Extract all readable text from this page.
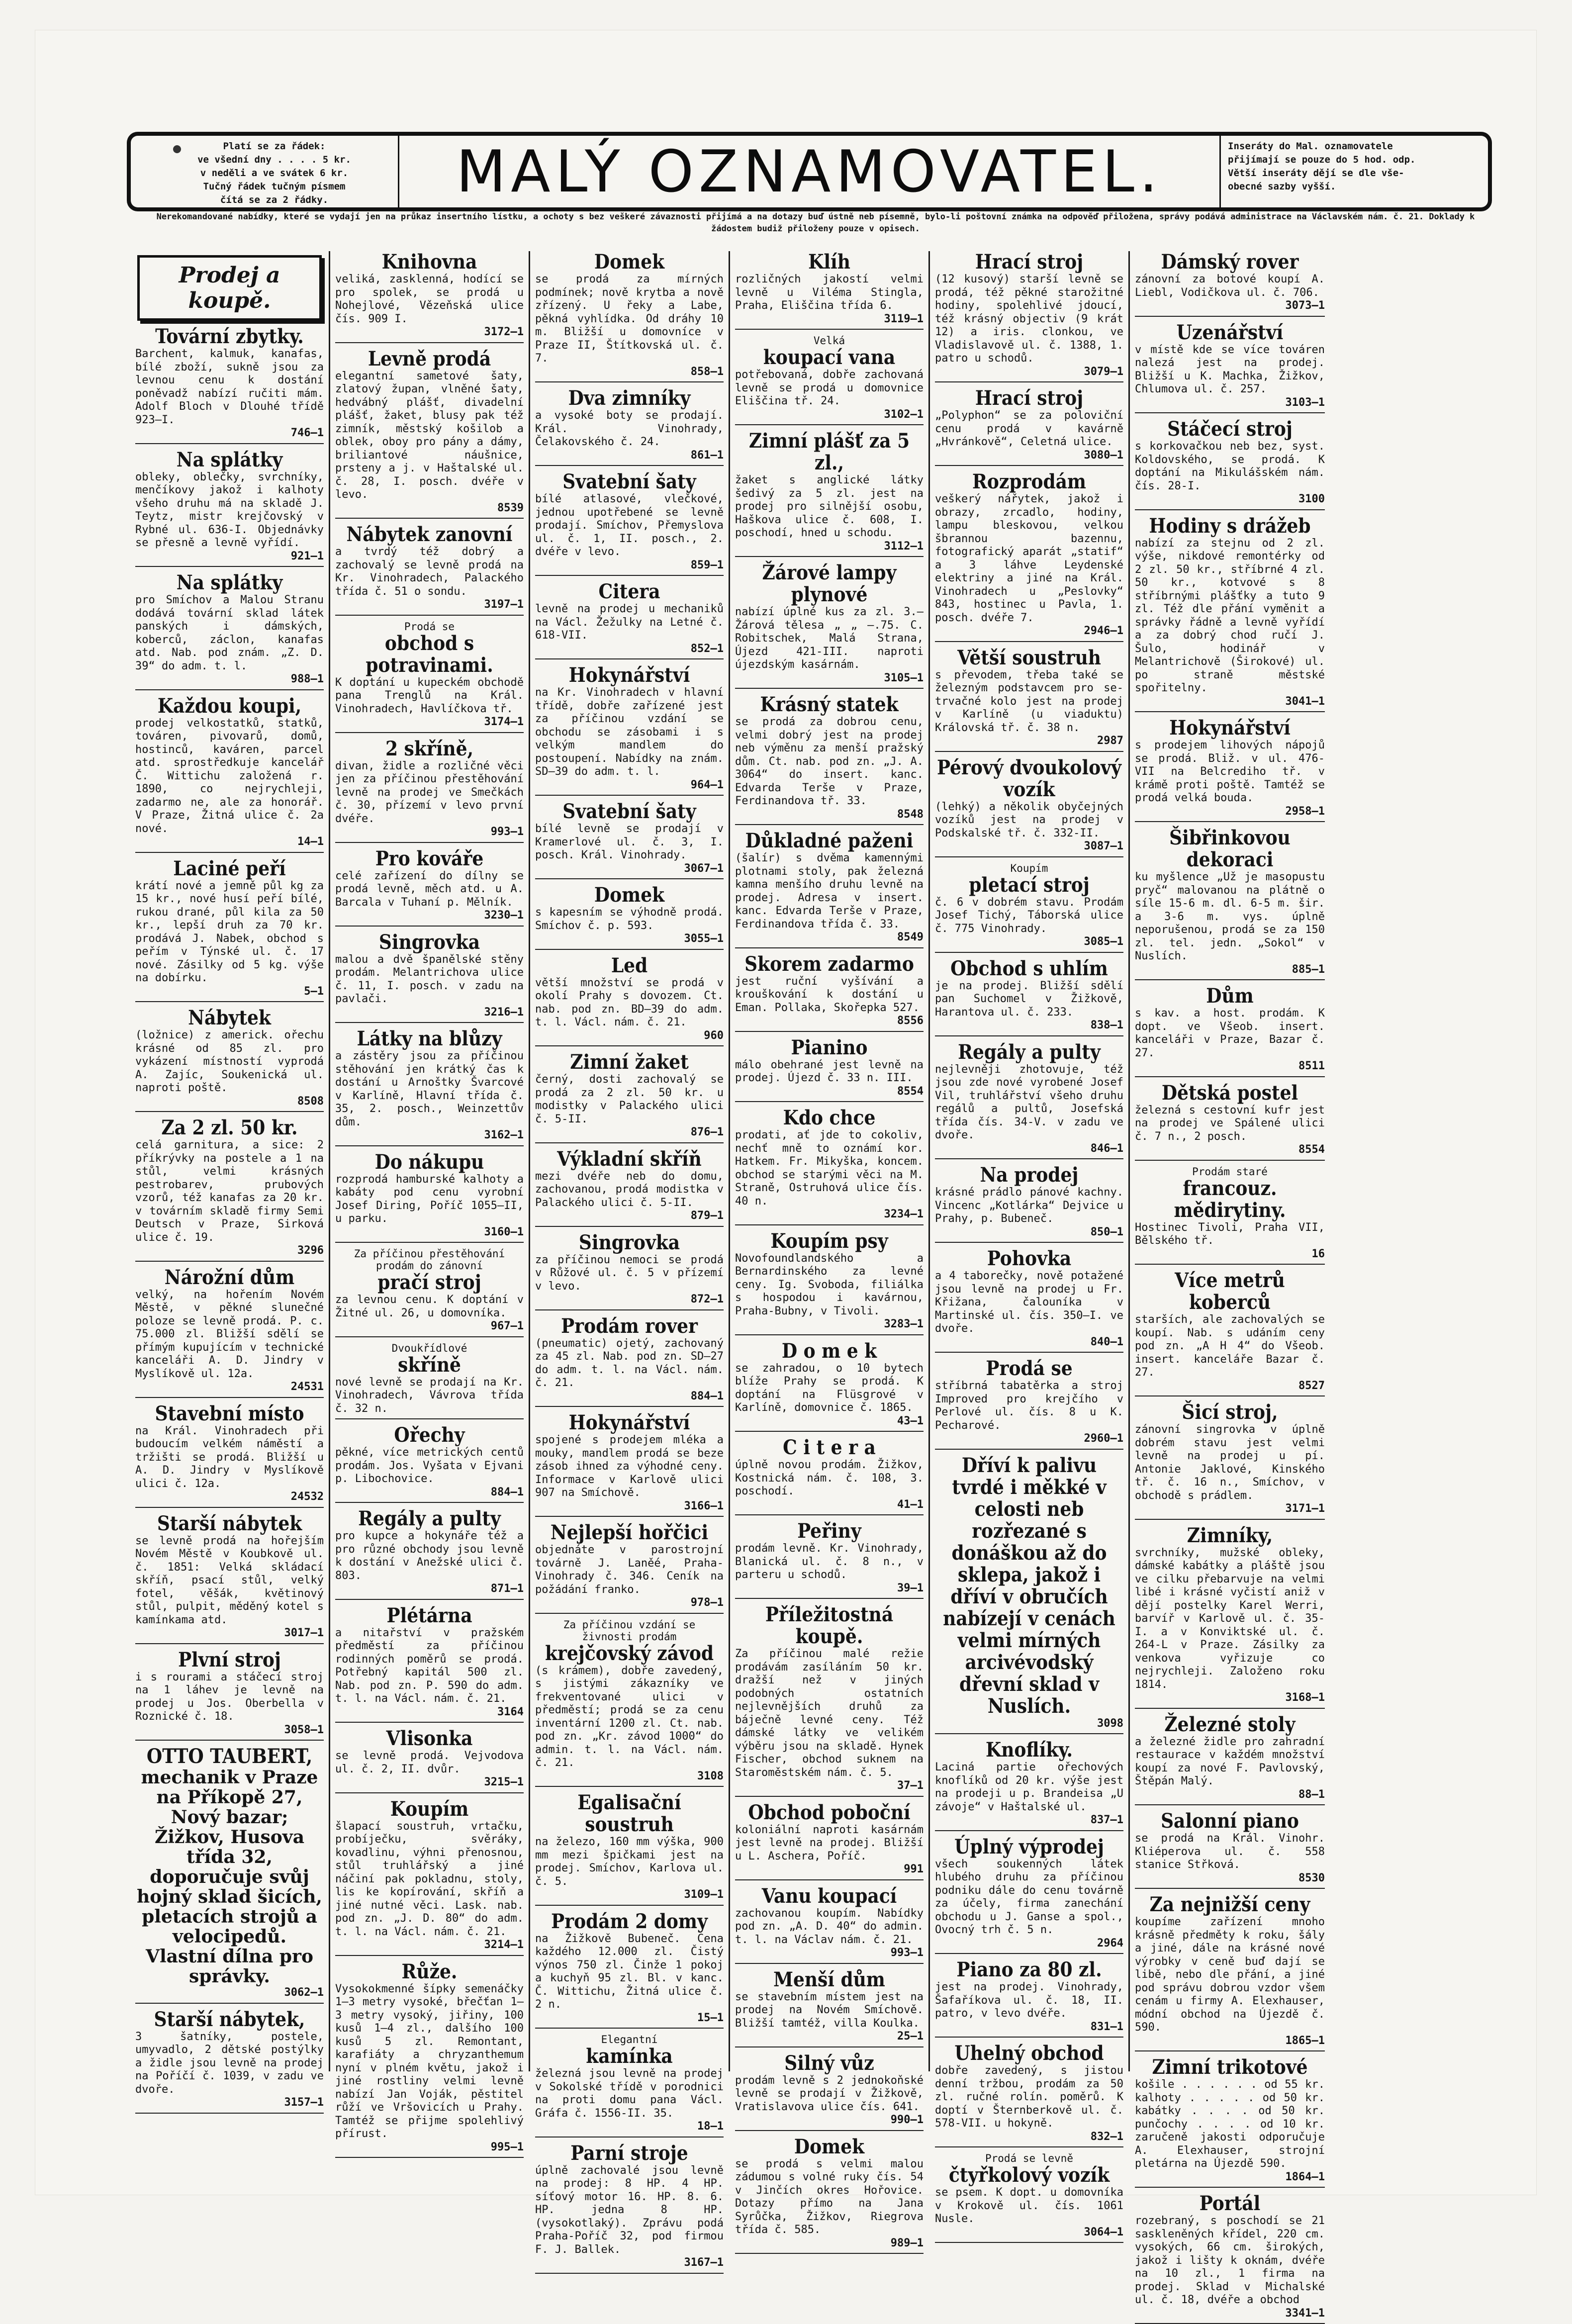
Platí se za řádek:
ve všední dny . . . . 5 kr.
v neděli a ve svátek 6 kr.
Tučný řádek tučným písmem
čítá se za 2 řádky.	MALÝ OZNAMOVATEL.	Inseráty do Mal. oznamovatele
přijímají se pouze do 5 hod. odp.
Větší inseráty dějí se dle vše-
obecné sazby vyšší.
Nerekomandované nabídky, které se vydají jen na průkaz insertního lístku, a ochoty s bez veškeré závaznosti přijímá a na dotazy buď ústně neb písemně, bylo-li poštovní známka na odpověď přiložena, správy podává administrace na Václavském nám. č. 21. Doklady k žádostem budiž přiloženy pouze v opisech.
Prodej a koupě.
Tovární zbytky.
Barchent, kalmuk, kanafas, bílé zboží, sukně jsou za levnou cenu k dostání poněvadž nabízí ručiti mám. Adolf Bloch v Dlouhé třídě 923—I.
746—1
Na splátky
obleky, oblečky, svrchníky, menčíkovy jakož i kalhoty všeho druhu má na skladě J. Teytz, mistr krejčovský v Rybné ul. 636-I. Objednávky se přesně a levně vyřídí.
921—1
Na splátky
pro Smíchov a Malou Stranu dodává tovární sklad látek panských i dámských, koberců, záclon, kanafas atd. Nab. pod znám. „Z. D. 39“ do adm. t. l.
988—1
Každou koupi,
prodej velkostatků, statků, továren, pivovarů, domů, hostinců, kaváren, parcel atd. sprostředkuje kancelář Č. Wittichu založená r. 1890, co nejrychleji, zadarmo ne, ale za honorář. V Praze, Žitná ulice č. 2a nové.
14—1
Laciné peří
krátí nové a jemně půl kg za 15 kr., nové husí peří bílé, rukou drané, půl kila za 50 kr., lepší druh za 70 kr. prodává J. Nabek, obchod s peřím v Týnské ul. č. 17 nové. Zásilky od 5 kg. výše na dobírku.
5—1
Nábytek
(ložnice) z americk. ořechu krásné od 85 zl. pro vykázení místností vyprodá A. Zajíc, Soukenická ul. naproti poště.
8508
Za 2 zl. 50 kr.
celá garnitura, a sice: 2 příkrývky na postele a 1 na stůl, velmi krásných pestrobarev, prubových vzorů, též kanafas za 20 kr. v továrním skladě firmy Semi Deutsch v Praze, Sirková ulice č. 19.
3296
Nárožní dům
velký, na hořením Novém Městě, v pěkné slunečné poloze se levně prodá. P. c. 75.000 zl. Bližší sdělí se přímým kupujícím v technické kanceláři A. D. Jindry v Myslíkově ul. 12a.
24531
Stavební místo
na Král. Vinohradech při budoucím velkém náměstí a tržišti se prodá. Bližší u A. D. Jindry v Myslíkově ulici č. 12a.
24532
Starší nábytek
se levně prodá na hořejším Novém Městě v Koubkově ul. č. 1851: Velká skládací skříň, psací stůl, velký fotel, věšák, květinový stůl, pulpit, měděný kotel s kamínkama atd.
3017—1
Plvní stroj
i s rourami a stáčecí stroj na 1 láhev je levně na prodej u Jos. Oberbella v Roznické č. 18.
3058—1
OTTO TAUBERT,
mechanik v Praze na Příkopě 27, Nový bazar; Žižkov, Husova třída 32, doporučuje svůj hojný sklad šicích, pletacích strojů a velocipedů. Vlastní dílna pro správky.
3062—1
Starší nábytek,
3 šatníky, postele, umyvadlo, 2 dětské postýlky a židle jsou levně na prodej na Poříčí č. 1039, v zadu ve dvoře.
3157—1
Knihovna
veliká, zasklenná, hodící se pro spolek, se prodá u Nohejlové, Vězeňská ulice čís. 909 I.
3172—1
Levně prodá
elegantní sametové šaty, zlatový župan, vlněné šaty, hedvábný plášť, divadelní plášť, žaket, blusy pak též zimník, městský košilob a oblek, oboy pro pány a dámy, briliantové náušnice, prsteny a j. v Haštalské ul. č. 28, I. posch. dvéře v levo.
8539
Nábytek zanovní
a tvrdý též dobrý a zachovalý se levně prodá na Kr. Vinohradech, Palackého třída č. 51 o sondu.
3197—1
Prodá se
obchod s potravinami.
K doptání u kupeckém obchodě pana Trenglů na Král. Vinohradech, Havlíčkova tř.
3174—1
2 skříně,
divan, židle a rozličné věci jen za příčinou přestěhování levně na prodej ve Smečkách č. 30, přízemí v levo první dvéře.
993—1
Pro kováře
celé zařízení do dílny se prodá levně, měch atd. u A. Barcala v Tuhaní p. Mělník.
3230—1
Singrovka
malou a dvě španělské stěny prodám. Melantrichova ulice č. 11, I. posch. v zadu na pavlači.
3216—1
Látky na blůzy
a zástěry jsou za příčinou stěhování jen krátký čas k dostání u Arnoštky Švarcové v Karlíně, Hlavní třída č. 35, 2. posch., Weinzettův dům.
3162—1
Do nákupu
rozprodá hamburské kalhoty a kabáty pod cenu vyrobní Josef Diring, Poříč 1055—II, u parku.
3160—1
Za příčinou přestěhování prodám do zánovní
pračí stroj
za levnou cenu. K doptání v Žitné ul. 26, u domovníka.
967—1
Dvoukřídlové
skříně
nové levně se prodají na Kr. Vinohradech, Vávrova třída č. 32 n.
Ořechy
pěkné, více metrických centů prodám. Jos. Vyšata v Ejvani p. Libochovice.
884—1
Regály a pulty
pro kupce a hokynáře též a pro různé obchody jsou levně k dostání v Anežské ulici č. 803.
871—1
Plétárna
a nitařství v pražském předměstí za příčinou rodinných poměrů se prodá. Potřebný kapitál 500 zl. Nab. pod zn. P. 590 do adm. t. l. na Václ. nám. č. 21.
3164
Vlisonka
se levně prodá. Vejvodova ul. č. 2, II. dvůr.
3215—1
Koupím
šlapací soustruh, vrtačku, probíječku, svěráky, kovadlinu, výhni přenosnou, stůl truhlářský a jiné náčiní pak pokladnu, stoly, lis ke kopírování, skříň a jiné nutné věci. Lask. nab. pod zn. „J. D. 80“ do adm. t. l. na Václ. nám. č. 21.
3214—1
Růže.
Vysokokmenné šípky semenáčky 1—3 metry vysoké, břečťan 1—3 metry vysoký, jiřiny, 100 kusů 1—4 zl., dalšího 100 kusů 5 zl. Remontant, karafiáty a chryzanthemum nyní v plném květu, jakož i jiné rostliny velmi levně nabízí Jan Voják, pěstitel růží ve Vršovicích u Prahy. Tamtéž se přijme spolehlivý přírust.
995—1
Domek
se prodá za mírných podmínek; nově krytba a nově zřízený. U řeky a Labe, pěkná vyhlídka. Od dráhy 10 m. Bližší u domovníce v Praze II, Štítkovská ul. č. 7.
858—1
Dva zimníky
a vysoké boty se prodají. Král. Vinohrady, Čelakovského č. 24.
861—1
Svatební šaty
bílé atlasové, vlečkové, jednou upotřebené se levně prodají. Smíchov, Přemyslova ul. č. 1, II. posch., 2. dvéře v levo.
859—1
Citera
levně na prodej u mechaniků na Václ. Žežulky na Letné č. 618-VII.
852—1
Hokynářství
na Kr. Vinohradech v hlavní třídě, dobře zařízené jest za příčinou vzdání se obchodu se zásobami i s velkým mandlem do postoupení. Nabídky na znám. SD—39 do adm. t. l.
964—1
Svatební šaty
bílé levně se prodají v Kramerlové ul. č. 3, I. posch. Král. Vinohrady.
3067—1
Domek
s kapesním se výhodně prodá. Smíchov č. p. 593.
3055—1
Led
větší množství se prodá v okolí Prahy s dovozem. Ct. nab. pod zn. BD—39 do adm. t. l. Václ. nám. č. 21.
960
Zimní žaket
černý, dosti zachovalý se prodá za 2 zl. 50 kr. u modistky v Palackého ulici č. 5-II.
876—1
Výkladní skříň
mezi dvéře neb do domu, zachovanou, prodá modistka v Palackého ulici č. 5-II.
879—1
Singrovka
za příčinou nemoci se prodá v Růžové ul. č. 5 v přízemí v levo.
872—1
Prodám rover
(pneumatic) ojetý, zachovaný za 45 zl. Nab. pod zn. SD—27 do adm. t. l. na Václ. nám. č. 21.
884—1
Hokynářství
spojené s prodejem mléka a mouky, mandlem prodá se beze zásob ihned za výhodné ceny. Informace v Karlově ulici 907 na Smíchově.
3166—1
Nejlepší hořčici
objednáte v parostrojní továrně J. Laněé, Praha-Vinohrady č. 346. Ceník na požádání franko.
978—1
Za příčinou vzdání se živnosti prodám
krejčovský závod
(s krámem), dobře zavedený, s jistými zákazníky ve frekventované ulici v předměstí; prodá se za cenu inventární 1200 zl. Ct. nab. pod zn. „Kr. závod 1000“ do admin. t. l. na Václ. nám. č. 21.
3108
Egalisační soustruh
na železo, 160 mm výška, 900 mm mezi špičkami jest na prodej. Smíchov, Karlova ul. č. 5.
3109—1
Prodám 2 domy
na Žižkově Bubeneč. Cena každého 12.000 zl. Čistý výnos 750 zl. Činže 1 pokoj a kuchyň 95 zl. Bl. v kanc. Č. Wittichu, Žitná ulice č. 2 n.
15—1
Elegantní
kamínka
železná jsou levně na prodej v Sokolské třídě v porodnici na proti domu pana Václ. Gráfa č. 1556-II. 35.
18—1
Parní stroje
úplně zachovalé jsou levně na prodej: 8 HP. 4 HP. síťový motor 16. HP. 8. 6. HP. jedna 8 HP. (vysokotlaký). Zprávu podá Praha-Poříč 32, pod firmou F. J. Ballek.
3167—1
Klíh
rozličných jakostí velmi levně u Viléma Stingla, Praha, Eliščina třída 6.
3119—1
Velká
koupací vana
potřebovaná, dobře zachovaná levně se prodá u domovnice Eliščina tř. 24.
3102—1
Zimní plášť za 5 zl.,
žaket s anglické látky šedivý za 5 zl. jest na prodej pro silnější osobu, Haškova ulice č. 608, I. poschodí, hned u schodu.
3112—1
Žárové lampy plynové
nabízí úplné kus za zl. 3.— Žárová tělesa „ „ —.75. C. Robitschek, Malá Strana, Újezd 421-III. naproti újezdským kasárnám.
3105—1
Krásný statek
se prodá za dobrou cenu, velmi dobrý jest na prodej neb výměnu za menší pražský dům. Ct. nab. pod zn. „J. A. 3064“ do insert. kanc. Edvarda Terše v Praze, Ferdinandova tř. 33.
8548
Důkladné paženi
(šalír) s dvěma kamennými plotnami stoly, pak železná kamna menšího druhu levně na prodej. Adresa v insert. kanc. Edvarda Terše v Praze, Ferdinandova třída č. 33.
8549
Skorem zadarmo
jest ruční vyšívání a krouškování k dostání u Eman. Pollaka, Skořepka 527.
8556
Pianino
málo obehrané jest levně na prodej. Újezd č. 33 n. III.
8554
Kdo chce
prodati, ať jde to cokoliv, nechť mně to oznámí kor. Hatkem. Fr. Mikyška, koncem. obchod se starými věci na M. Straně, Ostruhová ulice čís. 40 n.
3234—1
Koupím psy
Novofoundlandského a Bernardinského za levné ceny. Ig. Svoboda, filiálka s hospodou i kavárnou, Praha-Bubny, v Tivoli.
3283—1
D o m e k
se zahradou, o 10 bytech blíže Prahy se prodá. K doptání na Flüsgrové v Karlíně, domovnice č. 1865.
43—1
C i t e r a
úplně novou prodám. Žižkov, Kostnická nám. č. 108, 3. poschodí.
41—1
Peřiny
prodám levně. Kr. Vinohrady, Blanická ul. č. 8 n., v parteru u schodů.
39—1
Příležitostná koupě.
Za příčinou malé režie prodávám zasíláním 50 kr. dražší než v jiných podobných ostatních nejlevnějších druhů za báječně levné ceny. Též dámské látky ve velikém výběru jsou na skladě. Hynek Fischer, obchod suknem na Staroměstském nám. č. 5.
37—1
Obchod poboční
koloniální naproti kasárnám jest levně na prodej. Bližší u L. Aschera, Poříč.
991
Vanu koupací
zachovanou koupím. Nabídky pod zn. „A. D. 40“ do admin. t. l. na Václav nám. č. 21.
993—1
Menší dům
se stavebním místem jest na prodej na Novém Smíchově. Bližší tamtéž, villa Koulka.
25—1
Silný vůz
prodám levně s 2 jednokoňské levně se prodají v Žižkově, Vratislavova ulice čís. 641.
990—1
Domek
se prodá s velmi malou zádumou s volné ruky čís. 54 v Jinčích okres Hořovice. Dotazy přímo na Jana Syrůčka, Žižkov, Riegrova třída č. 585.
989—1
Hrací stroj
(12 kusový) starší levně se prodá, též pěkné starožitné hodiny, spolehlivé jdoucí, též krásný objectiv (9 krát 12) a iris. clonkou, ve Vladislavově ul. č. 1388, 1. patro u schodů.
3079—1
Hrací stroj
„Polyphon“ se za poloviční cenu prodá v kavárně „Hvránkově“, Celetná ulice.
3080—1
Rozprodám
veškerý nářytek, jakož i obrazy, zrcadlo, hodiny, lampu bleskovou, velkou šbrannou bazennu, fotografický aparát „statif“ a 3 láhve Leydenské elektriny a jiné na Král. Vinohradech u „Peslovky“ 843, hostinec u Pavla, 1. posch. dvéře 7.
2946—1
Větší soustruh
s převodem, třeba také se železným podstavcem pro se-trvačné kolo jest na prodej v Karlíně (u viaduktu) Královská tř. č. 38 n.
2987
Pérový dvoukolový vozík
(lehký) a několik obyčejných vozíků jest na prodej v Podskalské tř. č. 332-II.
3087—1
Koupím
pletací stroj
č. 6 v dobrém stavu. Prodám Josef Tichý, Táborská ulice č. 775 Vinohrady.
3085—1
Obchod s uhlím
je na prodej. Bližší sdělí pan Suchomel v Žižkově, Harantova ul. č. 233.
838—1
Regály a pulty
nejlevněji zhotovuje, též jsou zde nové vyrobené Josef Vil, truhlářství všeho druhu regálů a pultů, Josefská třída čís. 34-V. v zadu ve dvoře.
846—1
Na prodej
krásné prádlo pánové kachny. Vincenc „Kotlárka“ Dejvice u Prahy, p. Bubeneč.
850—1
Pohovka
a 4 taborečky, nově potažené jsou levně na prodej u Fr. Křižana, čalouníka v Martinské ul. čís. 350—I. ve dvoře.
840—1
Prodá se
stříbrná tabatěrka a stroj Improved pro krejčího v Perlové ul. čís. 8 u K. Pecharové.
2960—1
Dříví k palivu tvrdé i měkké v celosti neb rozřezané s donáškou až do sklepa, jakož i dříví v obručích nabízejí v cenách velmi mírných arcivévodský dřevní sklad v Nuslích.
3098
Knoflíky.
Laciná partie ořechových knoflíků od 20 kr. výše jest na prodeji u p. Brandeisa „U závoje“ v Haštalské ul.
837—1
Úplný výprodej
všech soukenných látek hlubého druhu za příčinou podniku dále do cenu továrně za účely, firma zanechání obchodu u J. Ganse a spol., Ovocný trh č. 5 n.
2964
Piano za 80 zl.
jest na prodej. Vinohrady, Šafaříkova ul. č. 18, II. patro, v levo dvéře.
831—1
Uhelný obchod
dobře zavedený, s jistou denní tržbou, prodám za 50 zl. ručné rolín. poměrů. K doptí v Šternberkově ul. č. 578-VII. u hokyně.
832—1
Prodá se levně
čtyřkolový vozík
se psem. K dopt. u domovníka v Krokově ul. čís. 1061 Nusle.
3064—1
Dámský rover
zánovní za botové koupí A. Liebl, Vodičkova ul. č. 706.
3073—1
Uzenářství
v místě kde se více továren nalezá jest na prodej. Bližší u K. Machka, Žižkov, Chlumova ul. č. 257.
3103—1
Stáčecí stroj
s korkovačkou neb bez, syst. Koldovského, se prodá. K doptání na Mikulášském nám. čís. 28-I.
3100
Hodiny s drážeb
nabízí za stejnu od 2 zl. výše, nikdové remontérky od 2 zl. 50 kr., stříbrné 4 zl. 50 kr., kotvové s 8 stříbrnými plášťky a tuto 9 zl. Též dle přání vyměnit a správky řádně a levně vyřídí a za dobrý chod ručí J. Šulo, hodinář v Melantrichově (Širokové) ul. po straně městské spořitelny.
3041—1
Hokynářství
s prodejem lihových nápojů se prodá. Bliž. v ul. 476-VII na Belcrediho tř. v krámě proti poště. Tamtéž se prodá velká bouda.
2958—1
Šibřinkovou dekoraci
ku myšlence „Už je masopustu pryč“ malovanou na plátně o síle 15-6 m. dl. 6-5 m. šir. a 3-6 m. vys. úplně neporušenou, prodá se za 150 zl. tel. jedn. „Sokol“ v Nuslích.
885—1
Dům
s kav. a host. prodám. K dopt. ve Všeob. insert. kanceláři v Praze, Bazar č. 27.
8511
Dětská postel
železná s cestovní kufr jest na prodej ve Spálené ulici č. 7 n., 2 posch.
8554
Prodám staré
francouz. mědirytiny.
Hostinec Tivoli, Praha VII, Bělského tř.
16
Více metrů koberců
starších, ale zachovalých se koupí. Nab. s udáním ceny pod zn. „A H 4“ do Všeob. insert. kanceláře Bazar č. 27.
8527
Šicí stroj,
zánovní singrovka v úplně dobrém stavu jest velmi levně na prodej u pí. Antonie Jaklové, Kinského tř. č. 16 n., Smíchov, v obchodě s prádlem.
3171—1
Zimníky,
svrchníky, mužské obleky, dámské kabátky a pláště jsou ve cilku přebarvuje na velmi libé i krásné vyčistí aniž v dějí postelky Karel Werri, barvíř v Karlově ul. č. 35-I. a v Konviktské ul. č. 264-L v Praze. Zásilky za venkova vyřizuje co nejrychleji. Založeno roku 1814.
3168—1
Železné stoly
a železné židle pro zahradní restaurace v každém množství koupí za nové F. Pavlovský, Štěpán Malý.
88—1
Salonní piano
se prodá na Král. Vinohr. Kliéperova ul. č. 558 stanice Střková.
8530
Za nejnižší ceny
koupíme zařízení mnoho krásně předměty k roku, šály a jiné, dále na krásné nové výrobky v ceně buď dají se libě, nebo dle přání, a jiné pod správu dobrou vzdor všem cenám u firmy A. Elexhauser, módní obchod na Újezdě č. 590.
1865—1
Zimní trikotové
košile . . . . . . od 55 kr. kalhoty . . . . . od 50 kr. kabátky . . . . od 50 kr. punčochy . . . . od 10 kr. zaručeně jakosti odporučuje A. Elexhauser, strojní pletárna na Újezdě 590.
1864—1
Portál
rozebraný, s poschodí se 21 saskleněných křídel, 220 cm. vysokých, 66 cm. širokých, jakož i lišty k oknám, dvéře na 10 zl., 1 firma na prodej. Sklad v Michalské ul. č. 18, dvéře a obchod
3341—1
